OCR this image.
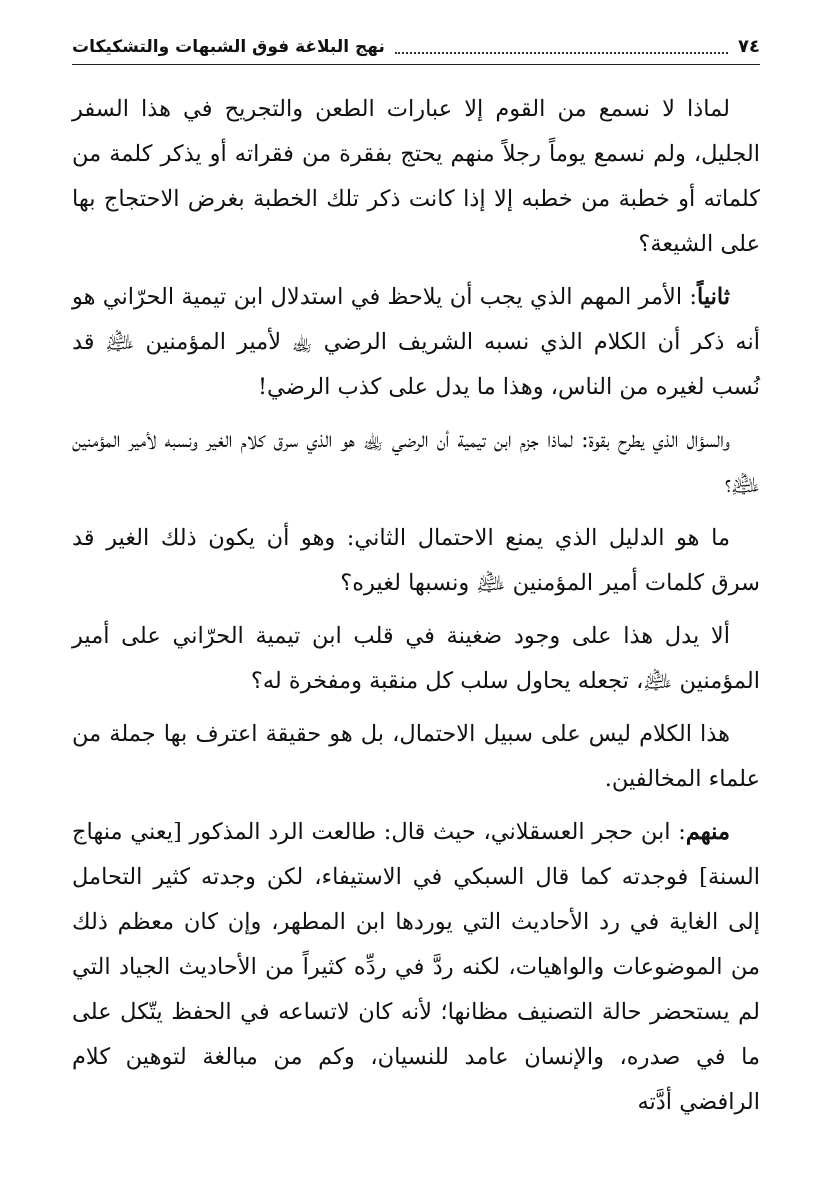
٧٤
نهج البلاغة فوق الشبهات والتشكيكات

لماذا لا نسمع من القوم إلا عبارات الطعن والتجريح في هذا السفر الجليل، ولم نسمع يوماً رجلاً منهم يحتج بفقرة من فقراته أو يذكر كلمة من كلماته أو خطبة من خطبه إلا إذا كانت ذكر تلك الخطبة بغرض الاحتجاج بها على الشيعة؟

ثانياً: الأمر المهم الذي يجب أن يلاحظ في استدلال ابن تيمية الحرّاني هو أنه ذكر أن الكلام الذي نسبه الشريف الرضي ﵀ لأمير المؤمنين ﵇ قد نُسب لغيره من الناس، وهذا ما يدل على كذب الرضي!

والسؤال الذي يطرح بقوة: لماذا جزم ابن تيمية أن الرضي ﵀ هو الذي سرق كلام الغير ونسبه لأمير المؤمنين ﵇؟

ما هو الدليل الذي يمنع الاحتمال الثاني: وهو أن يكون ذلك الغير قد سرق كلمات أمير المؤمنين ﵇ ونسبها لغيره؟

ألا يدل هذا على وجود ضغينة في قلب ابن تيمية الحرّاني على أمير المؤمنين ﵇، تجعله يحاول سلب كل منقبة ومفخرة له؟

هذا الكلام ليس على سبيل الاحتمال، بل هو حقيقة اعترف بها جملة من علماء المخالفين.

منهم: ابن حجر العسقلاني، حيث قال: طالعت الرد المذكور [يعني منهاج السنة] فوجدته كما قال السبكي في الاستيفاء، لكن وجدته كثير التحامل إلى الغاية في رد الأحاديث التي يوردها ابن المطهر، وإن كان معظم ذلك من الموضوعات والواهيات، لكنه ردَّ في ردِّه كثيراً من الأحاديث الجياد التي لم يستحضر حالة التصنيف مظانها؛ لأنه كان لاتساعه في الحفظ يتّكل على ما في صدره، والإنسان عامد للنسيان، وكم من مبالغة لتوهين كلام الرافضي أدَّته
